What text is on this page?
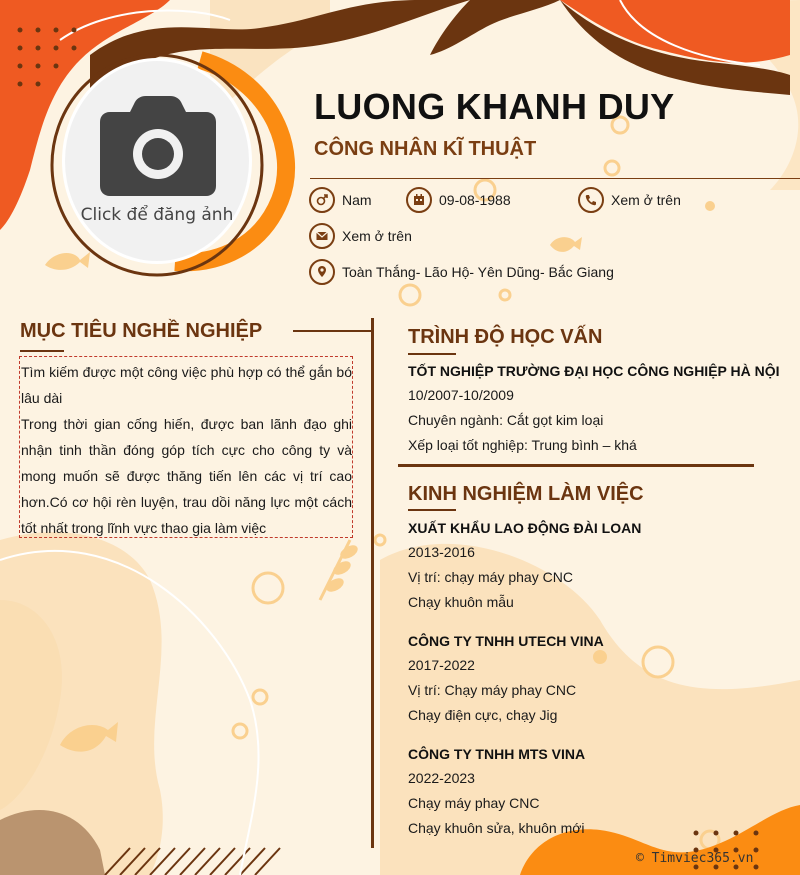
Click để đăng ảnh
LUONG KHANH DUY
CÔNG NHÂN KĨ THUẬT
Nam	09-08-1988	Xem ở trên
Xem ở trên
Toàn Thắng- Lão Hộ- Yên Dũng- Bắc Giang
MỤC TIÊU NGHỀ NGHIỆP

Tìm kiếm được một công việc phù hợp có thể gắn bó lâu dài

Trong thời gian cống hiến, được ban lãnh đạo ghi nhận tinh thần đóng góp tích cực cho công ty và mong muốn sẽ được thăng tiến lên các vị trí cao hơn.Có cơ hội rèn luyện, trau dồi năng lực một cách tốt nhất trong lĩnh vực thao gia làm việc

TRÌNH ĐỘ HỌC VẤN
TỐT NGHIỆP TRƯỜNG ĐẠI HỌC CÔNG NGHIỆP HÀ NỘI
10/2007-10/2009
Chuyên ngành: Cắt gọt kim loại
Xếp loại tốt nghiệp: Trung bình – khá
KINH NGHIỆM LÀM VIỆC
XUẤT KHẨU LAO ĐỘNG ĐÀI LOAN
2013-2016
Vị trí: chạy máy phay CNC
Chạy khuôn mẫu
CÔNG TY TNHH UTECH VINA
2017-2022
Vị trí: Chạy máy phay CNC
Chạy điện cực, chạy Jig
CÔNG TY TNHH MTS VINA
2022-2023
Chạy máy phay CNC
Chạy khuôn sửa, khuôn mới
© Timviec365.vn
